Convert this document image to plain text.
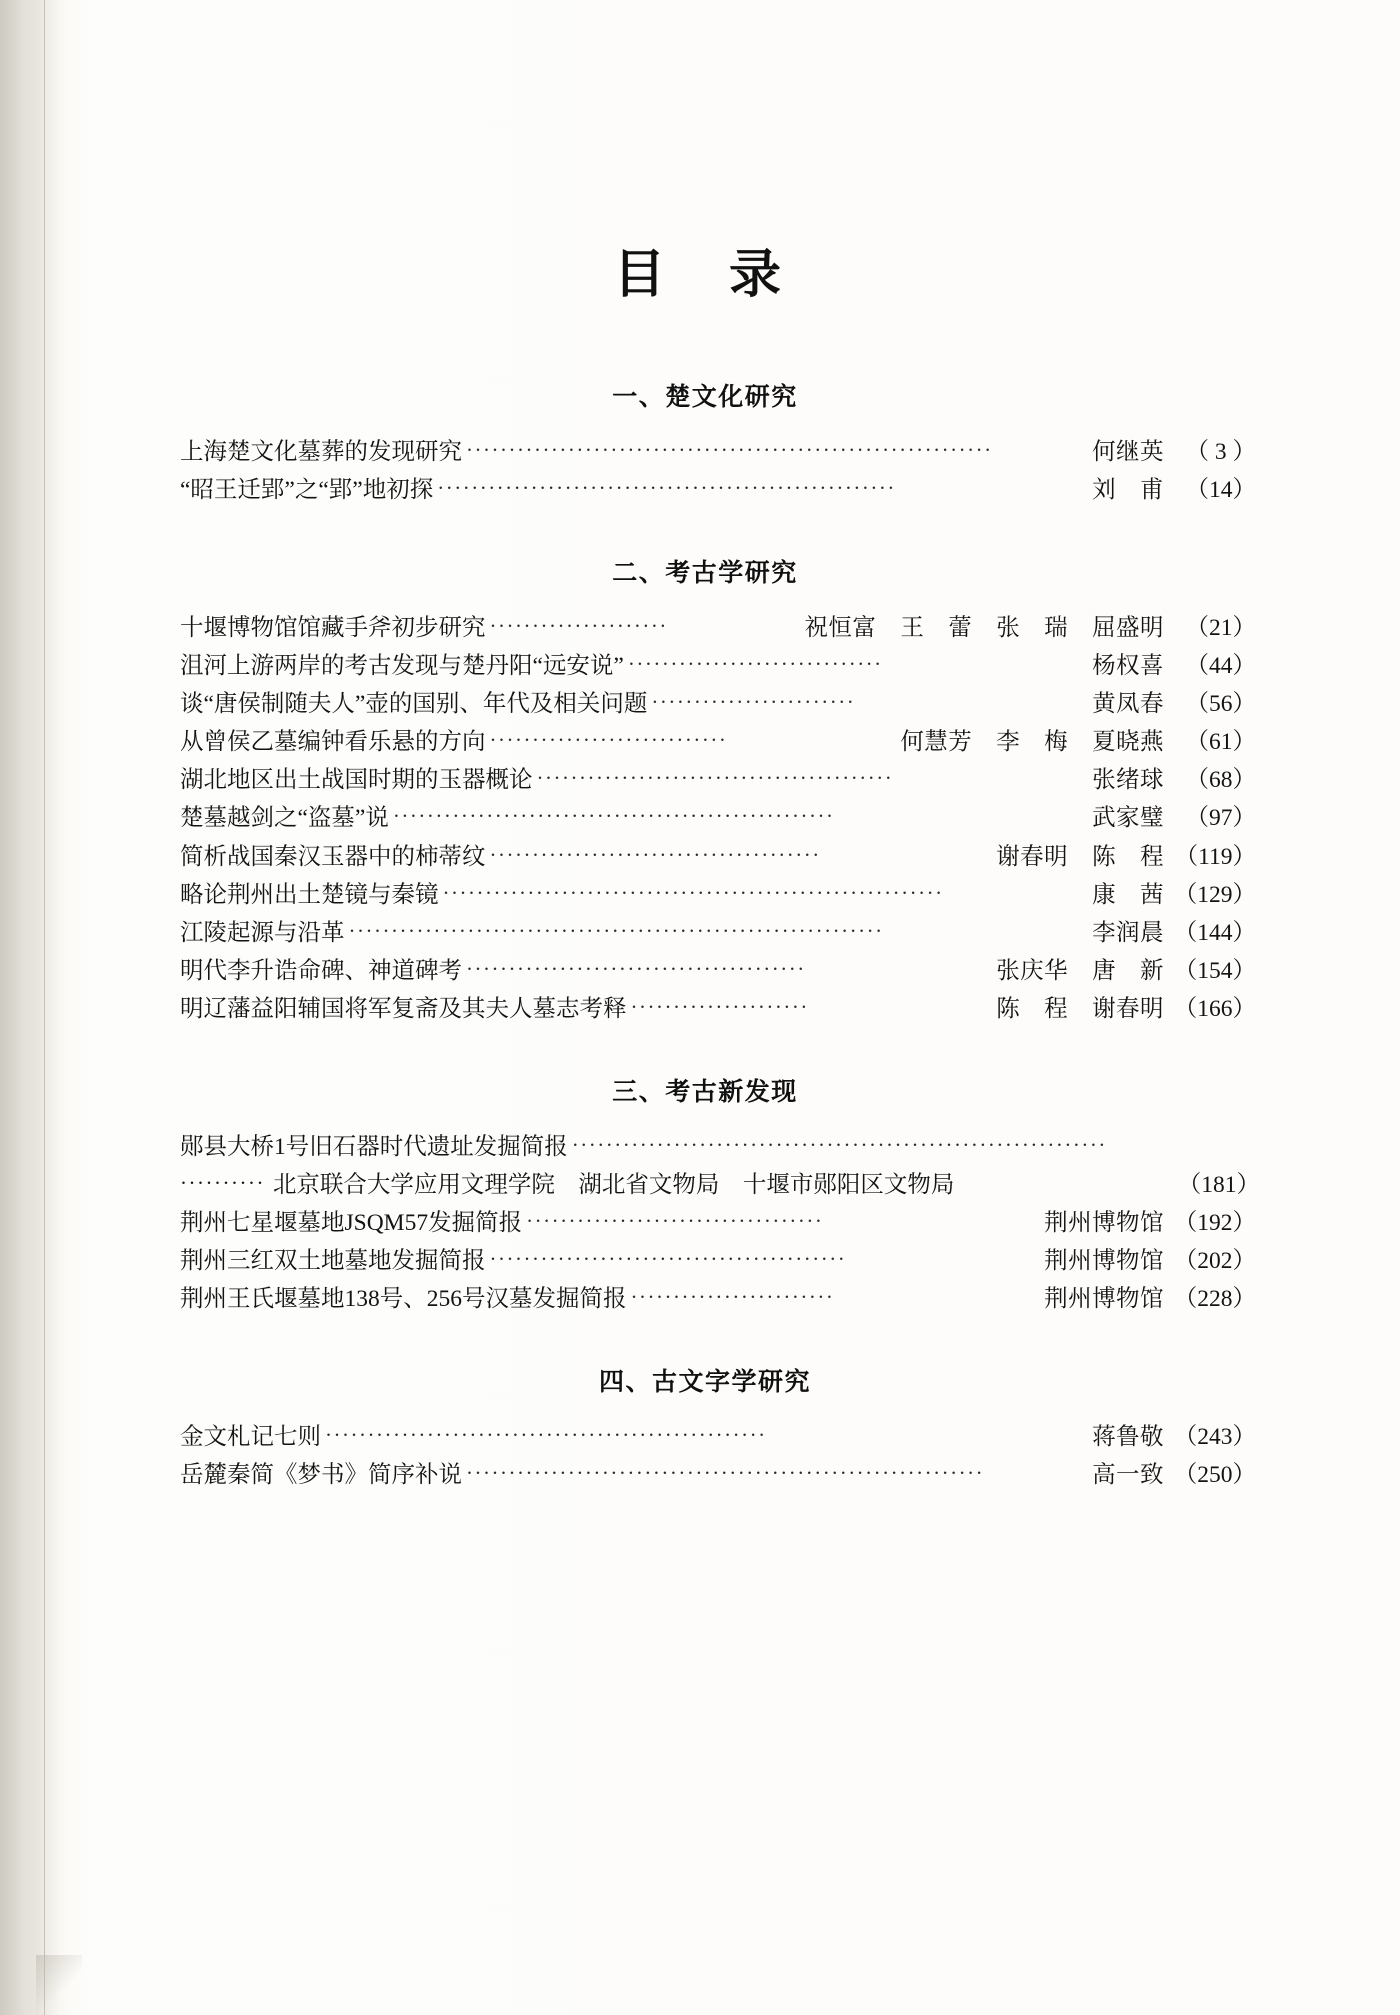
目 录
一、楚文化研究
上海楚文化墓葬的发现研究 ······························································	何继英 （ 3 ）
“昭王迁郢”之“郢”地初探 ······················································	刘　甫 （14）
二、考古学研究
十堰博物馆馆藏手斧初步研究 ·····················	祝恒富　王　蕾　张　瑞　屈盛明 （21）
沮河上游两岸的考古发现与楚丹阳“远安说” ······························	杨权喜 （44）
谈“唐侯制随夫人”壶的国别、年代及相关问题 ························	黄凤春 （56）
从曾侯乙墓编钟看乐悬的方向 ····························	何慧芳　李　梅　夏晓燕 （61）
湖北地区出土战国时期的玉器概论 ··········································	张绪球 （68）
楚墓越剑之“盗墓”说 ····················································	武家璧 （97）
简析战国秦汉玉器中的柿蒂纹 ·······································	谢春明　陈　程 （119）
略论荆州出土楚镜与秦镜 ···························································	康　茜 （129）
江陵起源与沿革 ·······························································	李润晨 （144）
明代李升诰命碑、神道碑考 ········································	张庆华　唐　新 （154）
明辽藩益阳辅国将军复斋及其夫人墓志考释 ·····················	陈　程　谢春明 （166）
三、考古新发现
郧县大桥1号旧石器时代遗址发掘简报 ·······························································
·········· 北京联合大学应用文理学院　湖北省文物局　十堰市郧阳区文物局	（181）
荆州七星堰墓地JSQM57发掘简报 ···································	荆州博物馆 （192）
荆州三红双土地墓地发掘简报 ··········································	荆州博物馆 （202）
荆州王氏堰墓地138号、256号汉墓发掘简报 ························	荆州博物馆 （228）
四、古文字学研究
金文札记七则 ····················································	蒋鲁敬 （243）
岳麓秦简《梦书》简序补说 ·····························································	高一致 （250）
